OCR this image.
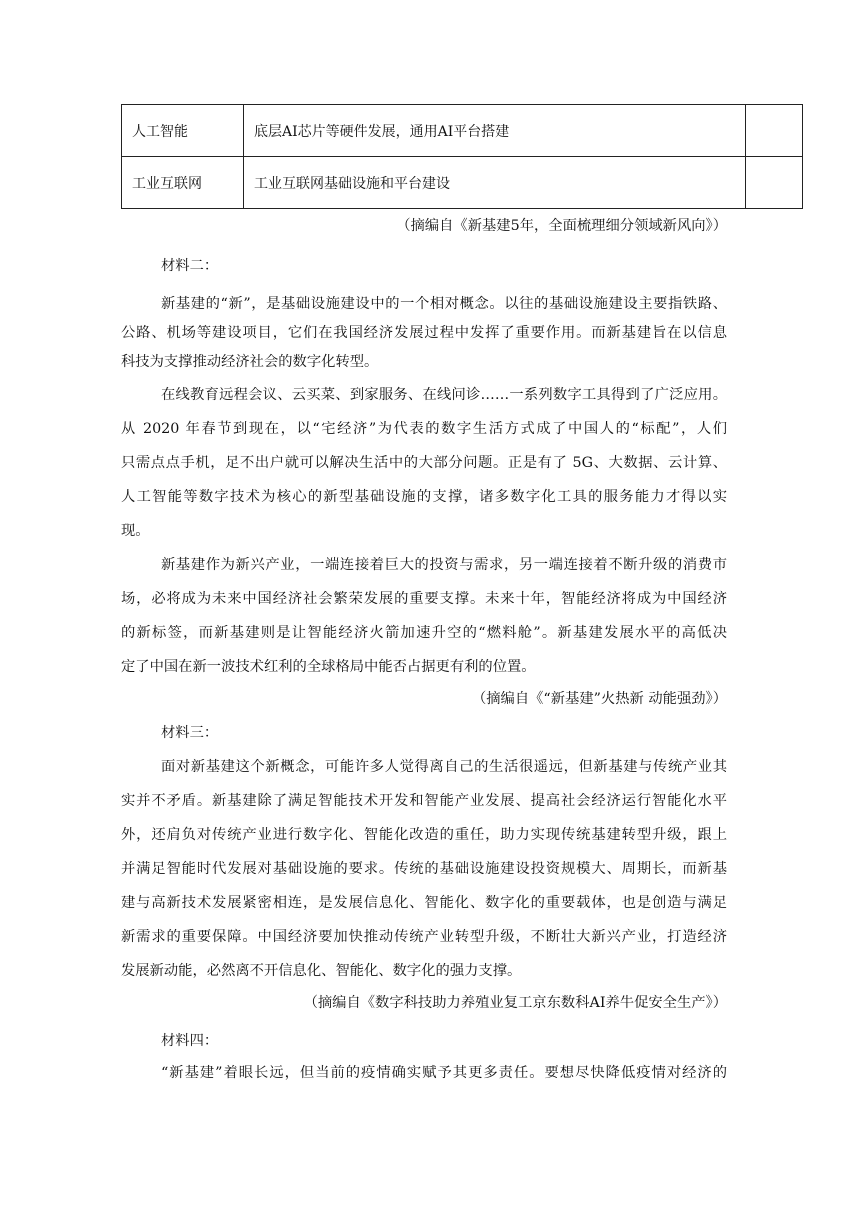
人工智能	底层AI芯片等硬件发展，通用AI平台搭建	
工业互联网	工业互联网基础设施和平台建设	
（摘编自《新基建5年，全面梳理细分领域新风向》）
材料二：
新基建的“新”，是基础设施建设中的一个相对概念。以往的基础设施建设主要指铁路、
公路、机场等建设项目，它们在我国经济发展过程中发挥了重要作用。而新基建旨在以信息
科技为支撑推动经济社会的数字化转型。
在线教育远程会议、云买菜、到家服务、在线问诊……一系列数字工具得到了广泛应用。
从 2020 年春节到现在，以“宅经济”为代表的数字生活方式成了中国人的“标配”，人们
只需点点手机，足不出户就可以解决生活中的大部分问题。正是有了 5G、大数据、云计算、
人工智能等数字技术为核心的新型基础设施的支撑，诸多数字化工具的服务能力才得以实
现。
新基建作为新兴产业，一端连接着巨大的投资与需求，另一端连接着不断升级的消费市
场，必将成为未来中国经济社会繁荣发展的重要支撑。未来十年，智能经济将成为中国经济
的新标签，而新基建则是让智能经济火箭加速升空的“燃料舱”。新基建发展水平的高低决
定了中国在新一波技术红利的全球格局中能否占据更有利的位置。
（摘编自《“新基建”火热新 动能强劲》）
材料三：
面对新基建这个新概念，可能许多人觉得离自己的生活很遥远，但新基建与传统产业其
实并不矛盾。新基建除了满足智能技术开发和智能产业发展、提高社会经济运行智能化水平
外，还肩负对传统产业进行数字化、智能化改造的重任，助力实现传统基建转型升级，跟上
并满足智能时代发展对基础设施的要求。传统的基础设施建设投资规模大、周期长，而新基
建与高新技术发展紧密相连，是发展信息化、智能化、数字化的重要载体，也是创造与满足
新需求的重要保障。中国经济要加快推动传统产业转型升级，不断壮大新兴产业，打造经济
发展新动能，必然离不开信息化、智能化、数字化的强力支撑。
（摘编自《数字科技助力养殖业复工京东数科AI养牛促安全生产》）
材料四：
“新基建”着眼长远，但当前的疫情确实赋予其更多责任。要想尽快降低疫情对经济的
